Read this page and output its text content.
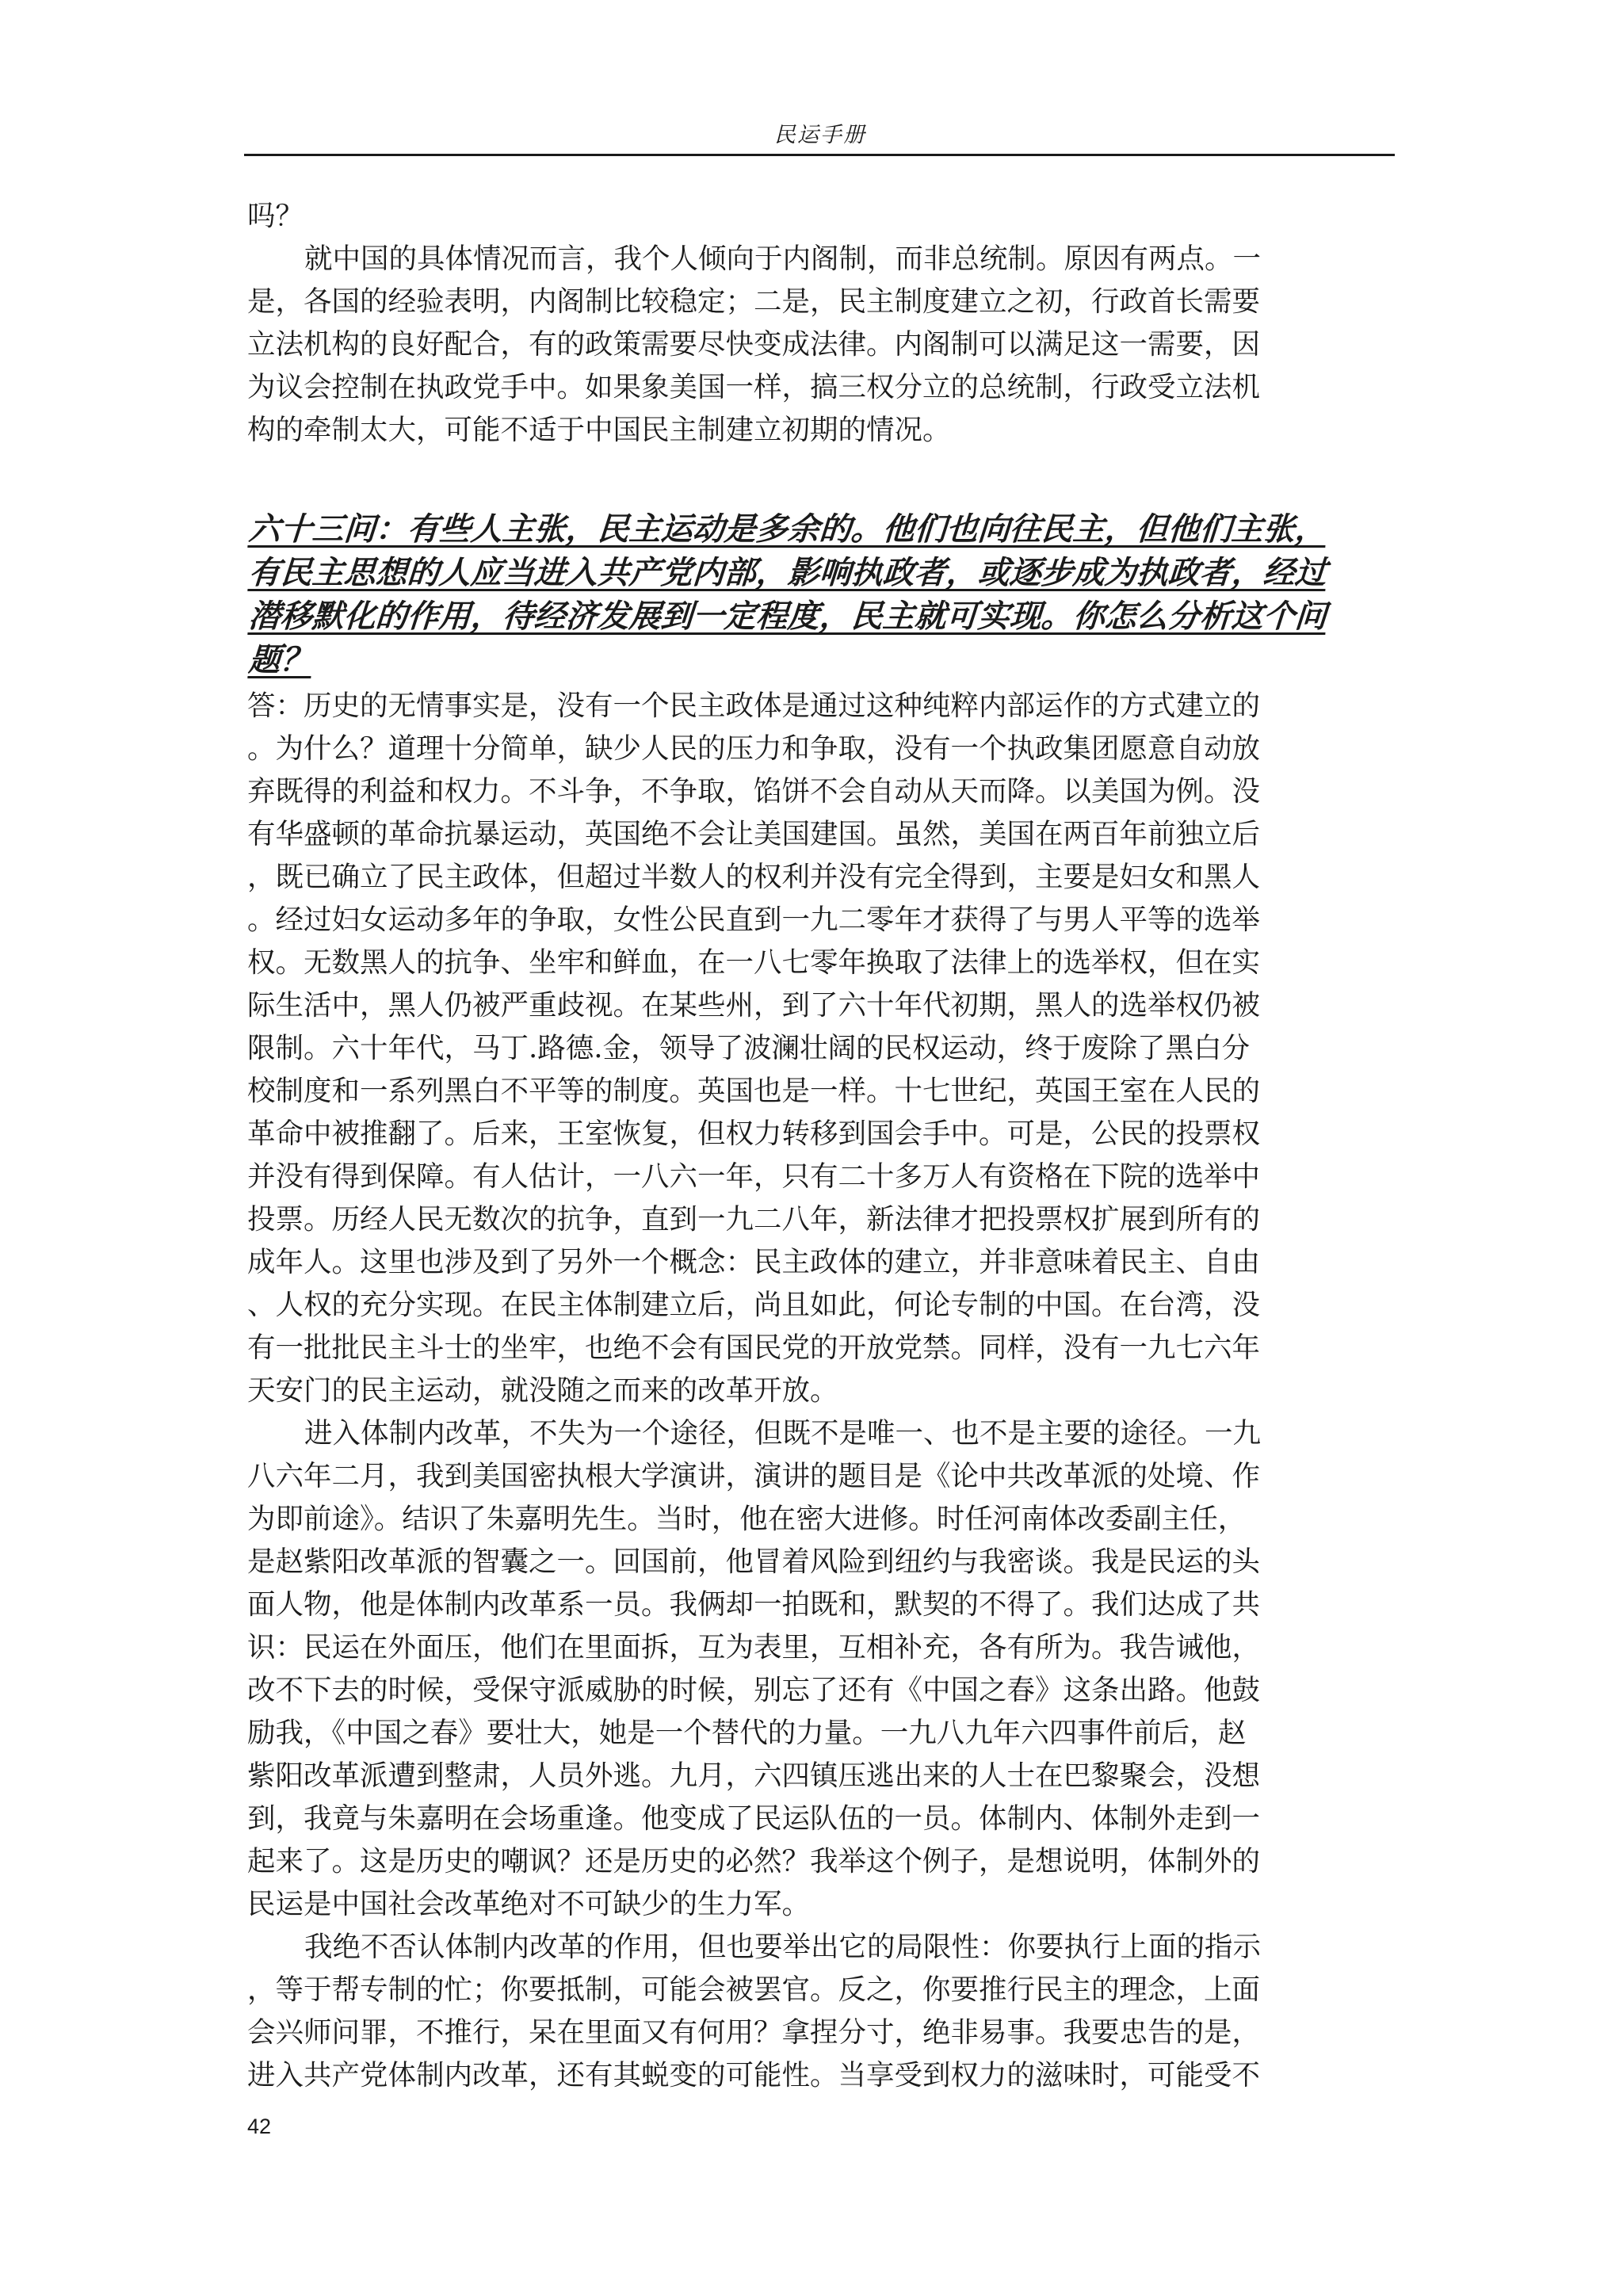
民运手册
吗？
就中国的具体情况而言，我个人倾向于内阁制，而非总统制。原因有两点。一
是，各国的经验表明，内阁制比较稳定；二是，民主制度建立之初，行政首长需要
立法机构的良好配合，有的政策需要尽快变成法律。内阁制可以满足这一需要，因
为议会控制在执政党手中。如果象美国一样，搞三权分立的总统制，行政受立法机
构的牵制太大，可能不适于中国民主制建立初期的情况。
六十三问：有些人主张，民主运动是多余的。他们也向往民主，但他们主张，
有民主思想的人应当进入共产党内部，影响执政者，或逐步成为执政者，经过
潜移默化的作用，待经济发展到一定程度，民主就可实现。你怎么分析这个问
题？
答：历史的无情事实是，没有一个民主政体是通过这种纯粹内部运作的方式建立的
。为什么？道理十分简单，缺少人民的压力和争取，没有一个执政集团愿意自动放
弃既得的利益和权力。不斗争，不争取，馅饼不会自动从天而降。以美国为例。没
有华盛顿的革命抗暴运动，英国绝不会让美国建国。虽然，美国在两百年前独立后
，既已确立了民主政体，但超过半数人的权利并没有完全得到，主要是妇女和黑人
。经过妇女运动多年的争取，女性公民直到一九二零年才获得了与男人平等的选举
权。无数黑人的抗争、坐牢和鲜血，在一八七零年换取了法律上的选举权，但在实
际生活中，黑人仍被严重歧视。在某些州，到了六十年代初期，黑人的选举权仍被
限制。六十年代，马丁.路德.金，领导了波澜壮阔的民权运动，终于废除了黑白分
校制度和一系列黑白不平等的制度。英国也是一样。十七世纪，英国王室在人民的
革命中被推翻了。后来，王室恢复，但权力转移到国会手中。可是，公民的投票权
并没有得到保障。有人估计，一八六一年，只有二十多万人有资格在下院的选举中
投票。历经人民无数次的抗争，直到一九二八年，新法律才把投票权扩展到所有的
成年人。这里也涉及到了另外一个概念：民主政体的建立，并非意味着民主、自由
、人权的充分实现。在民主体制建立后，尚且如此，何论专制的中国。在台湾，没
有一批批民主斗士的坐牢，也绝不会有国民党的开放党禁。同样，没有一九七六年
天安门的民主运动，就没随之而来的改革开放。
进入体制内改革，不失为一个途径，但既不是唯一、也不是主要的途径。一九
八六年二月，我到美国密执根大学演讲，演讲的题目是《论中共改革派的处境、作
为即前途》。结识了朱嘉明先生。当时，他在密大进修。时任河南体改委副主任，
是赵紫阳改革派的智囊之一。回国前，他冒着风险到纽约与我密谈。我是民运的头
面人物，他是体制内改革系一员。我俩却一拍既和，默契的不得了。我们达成了共
识：民运在外面压，他们在里面拆，互为表里，互相补充，各有所为。我告诫他，
改不下去的时候，受保守派威胁的时候，别忘了还有《中国之春》这条出路。他鼓
励我，《中国之春》要壮大，她是一个替代的力量。一九八九年六四事件前后，赵
紫阳改革派遭到整肃，人员外逃。九月，六四镇压逃出来的人士在巴黎聚会，没想
到，我竟与朱嘉明在会场重逢。他变成了民运队伍的一员。体制内、体制外走到一
起来了。这是历史的嘲讽？还是历史的必然？我举这个例子，是想说明，体制外的
民运是中国社会改革绝对不可缺少的生力军。
我绝不否认体制内改革的作用，但也要举出它的局限性：你要执行上面的指示
，等于帮专制的忙；你要抵制，可能会被罢官。反之，你要推行民主的理念，上面
会兴师问罪，不推行，呆在里面又有何用？拿捏分寸，绝非易事。我要忠告的是，
进入共产党体制内改革，还有其蜕变的可能性。当享受到权力的滋味时，可能受不
42
